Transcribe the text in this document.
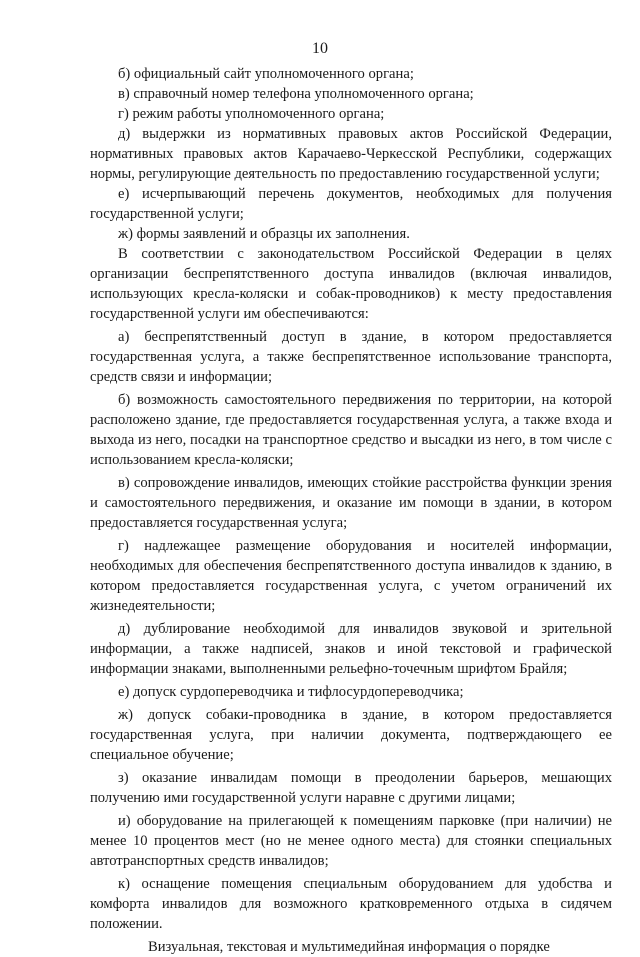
10

б) официальный сайт уполномоченного органа;

в) справочный номер телефона уполномоченного органа;

г) режим работы уполномоченного органа;

д) выдержки из нормативных правовых актов Российской Федерации, нормативных правовых актов Карачаево-Черкесской Республики, содержащих нормы, регулирующие деятельность по предоставлению государственной услуги;

е) исчерпывающий перечень документов, необходимых для получения государственной услуги;

ж) формы заявлений и образцы их заполнения.

В соответствии с законодательством Российской Федерации в целях организации беспрепятственного доступа инвалидов (включая инвалидов, использующих кресла-коляски и собак-проводников) к месту предоставления государственной услуги им обеспечиваются:

а) беспрепятственный доступ в здание, в котором предоставляется государственная услуга, а также беспрепятственное использование транспорта, средств связи и информации;

б) возможность самостоятельного передвижения по территории, на которой расположено здание, где предоставляется государственная услуга, а также входа и выхода из него, посадки на транспортное средство и высадки из него, в том числе с использованием кресла-коляски;

в) сопровождение инвалидов, имеющих стойкие расстройства функции зрения и самостоятельного передвижения, и оказание им помощи в здании, в котором предоставляется государственная услуга;

г) надлежащее размещение оборудования и носителей информации, необходимых для обеспечения беспрепятственного доступа инвалидов к зданию, в котором предоставляется государственная услуга, с учетом ограничений их жизнедеятельности;

д) дублирование необходимой для инвалидов звуковой и зрительной информации, а также надписей, знаков и иной текстовой и графической информации знаками, выполненными рельефно-точечным шрифтом Брайля;

е) допуск сурдопереводчика и тифлосурдопереводчика;

ж) допуск собаки-проводника в здание, в котором предоставляется государственная услуга, при наличии документа, подтверждающего ее специальное обучение;

з) оказание инвалидам помощи в преодолении барьеров, мешающих получению ими государственной услуги наравне с другими лицами;

и) оборудование на прилегающей к помещениям парковке (при наличии) не менее 10 процентов мест (но не менее одного места) для стоянки специальных автотранспортных средств инвалидов;

к) оснащение помещения специальным оборудованием для удобства и комфорта инвалидов для возможного кратковременного отдыха в сидячем положении.

Визуальная, текстовая и мультимедийная информация о порядке
